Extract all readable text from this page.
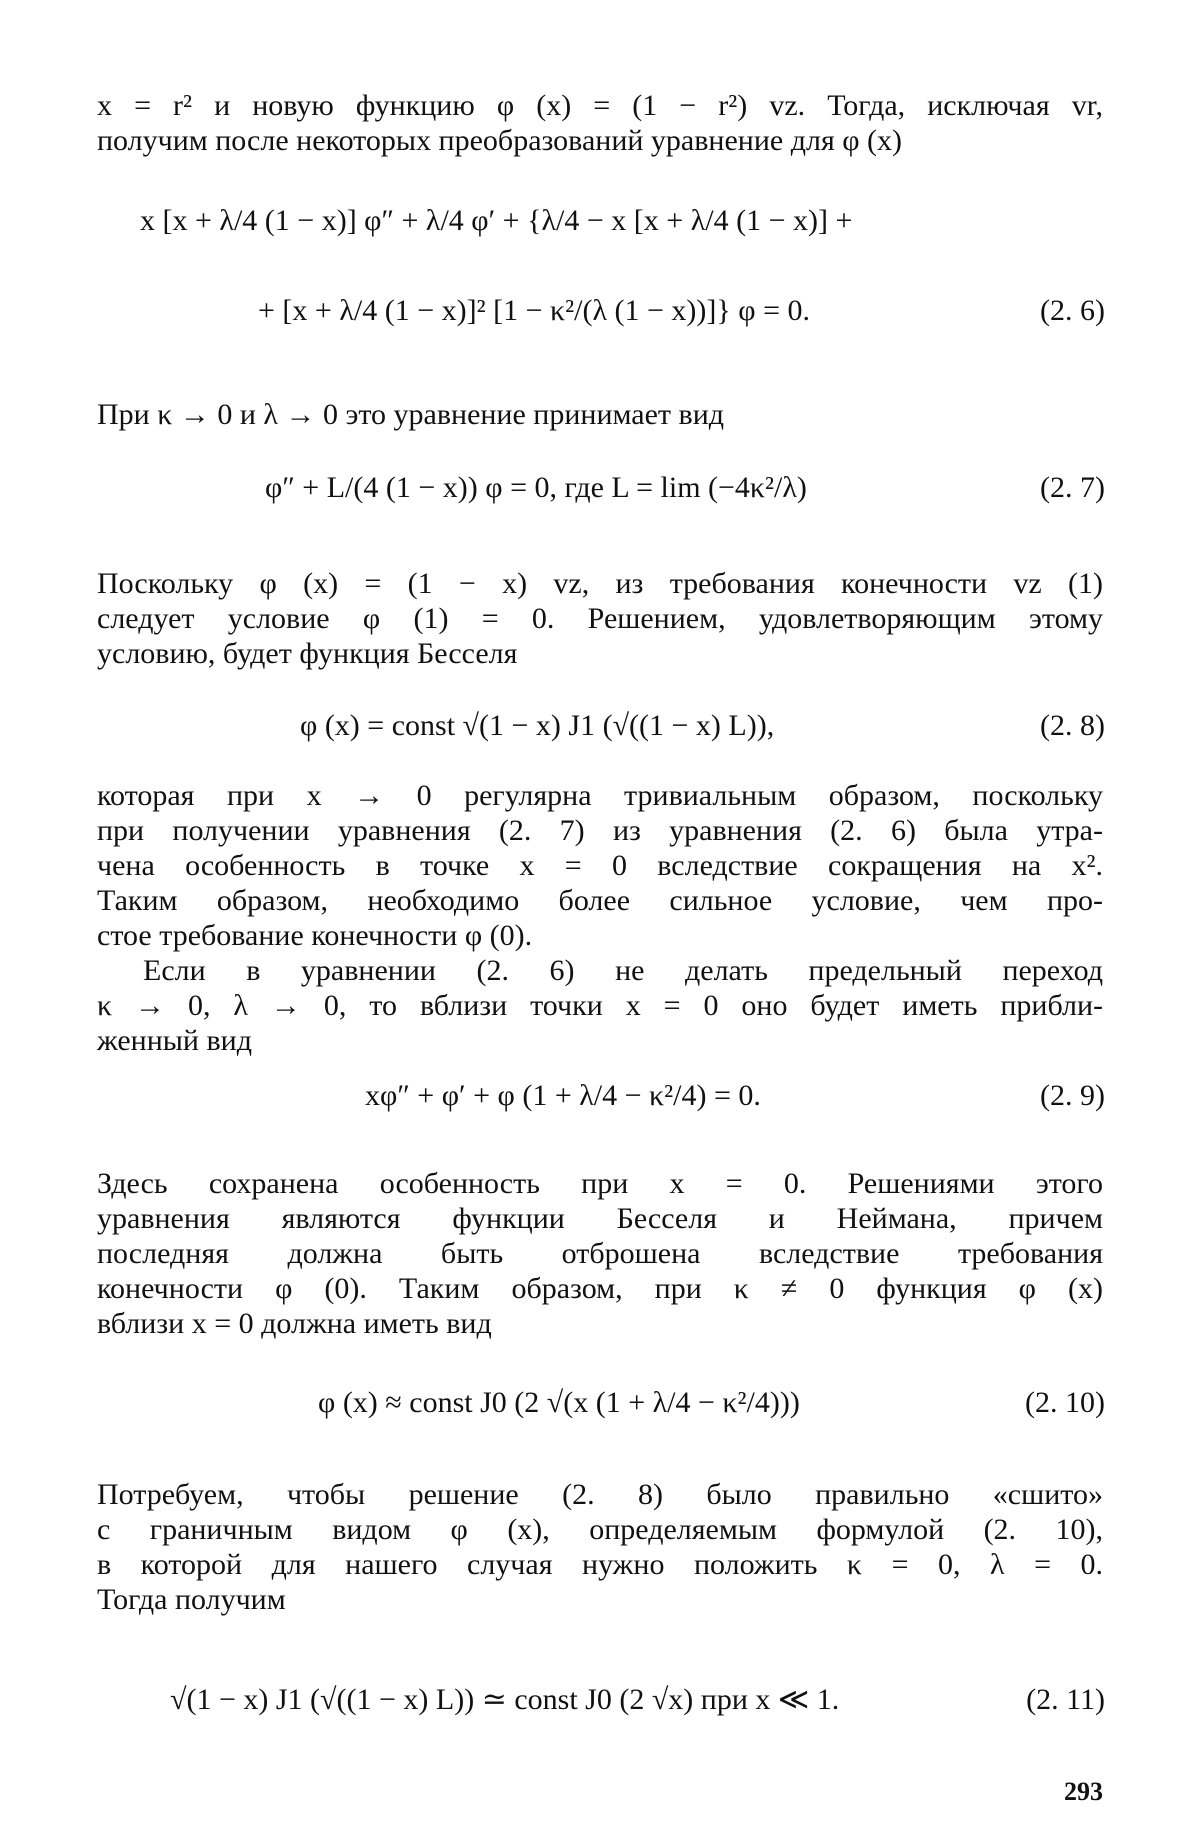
x = r² и новую функцию φ (x) = (1 − r²) vz. Тогда, исключая vr,
получим после некоторых преобразований уравнение для φ (x)
x [x + λ/4 (1 − x)] φ″ + λ/4 φ′ + {λ/4 − x [x + λ/4 (1 − x)] +
+ [x + λ/4 (1 − x)]² [1 − κ²/(λ (1 − x))]} φ = 0.	(2. 6)
При κ → 0 и λ → 0 это уравнение принимает вид
φ″ + L/(4 (1 − x)) φ = 0, где L = lim (−4κ²/λ)	(2. 7)
Поскольку φ (x) = (1 − x) vz, из требования конечности vz (1)
следует условие φ (1) = 0. Решением, удовлетворяющим этому
условию, будет функция Бесселя
φ (x) = const √(1 − x) J1 (√((1 − x) L)),	(2. 8)
которая при x → 0 регулярна тривиальным образом, поскольку
при получении уравнения (2. 7) из уравнения (2. 6) была утра-
чена особенность в точке x = 0 вследствие сокращения на x².
Таким образом, необходимо более сильное условие, чем про-
стое требование конечности φ (0).
Если в уравнении (2. 6) не делать предельный переход
κ → 0, λ → 0, то вблизи точки x = 0 оно будет иметь прибли-
женный вид
xφ″ + φ′ + φ (1 + λ/4 − κ²/4) = 0.	(2. 9)
Здесь сохранена особенность при x = 0. Решениями этого
уравнения являются функции Бесселя и Неймана, причем
последняя должна быть отброшена вследствие требования
конечности φ (0). Таким образом, при κ ≠ 0 функция φ (x)
вблизи x = 0 должна иметь вид
φ (x) ≈ const J0 (2 √(x (1 + λ/4 − κ²/4)))	(2. 10)
Потребуем, чтобы решение (2. 8) было правильно «сшито»
с граничным видом φ (x), определяемым формулой (2. 10),
в которой для нашего случая нужно положить κ = 0, λ = 0.
Тогда получим
√(1 − x) J1 (√((1 − x) L)) ≃ const J0 (2 √x) при x ≪ 1.	(2. 11)
293
